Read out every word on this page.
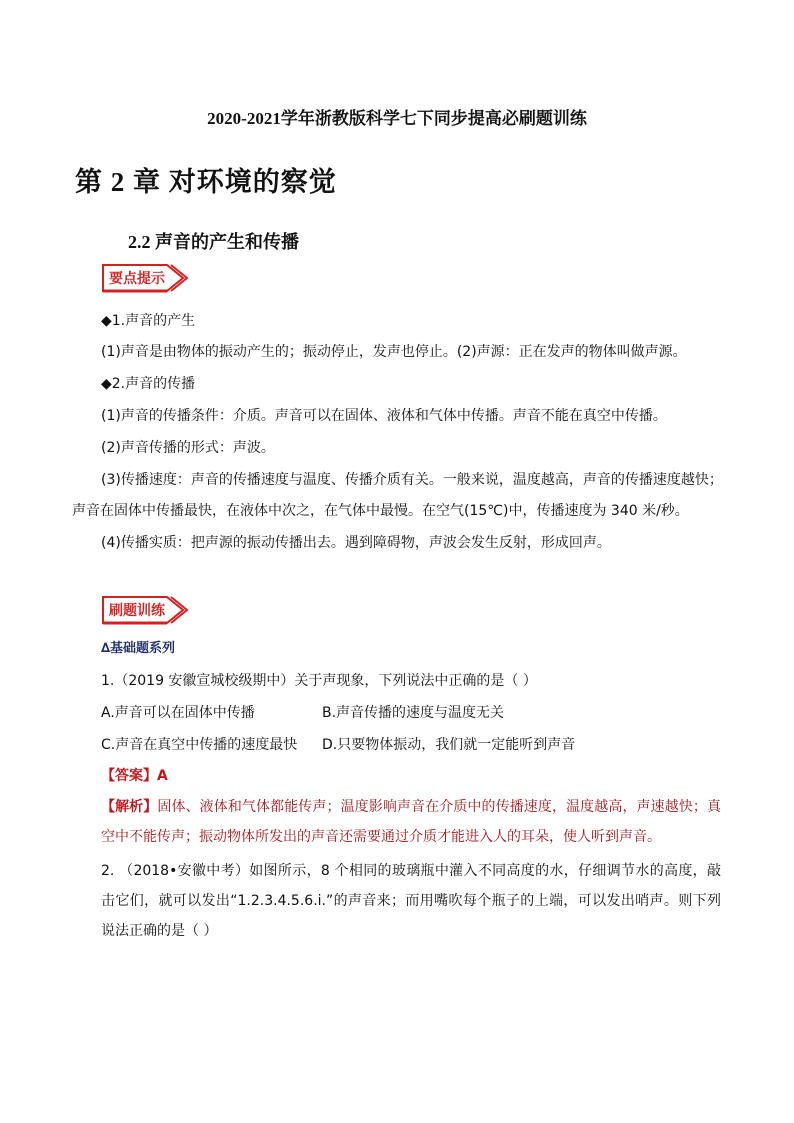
2020-2021学年浙教版科学七下同步提高必刷题训练
第 2 章 对环境的察觉
2.2 声音的产生和传播
要点提示
◆1.声音的产生
(1)声音是由物体的振动产生的；振动停止，发声也停止。(2)声源：正在发声的物体叫做声源。
◆2.声音的传播
(1)声音的传播条件：介质。声音可以在固体、液体和气体中传播。声音不能在真空中传播。
(2)声音传播的形式：声波。
(3)传播速度：声音的传播速度与温度、传播介质有关。一般来说，温度越高，声音的传播速度越快；
声音在固体中传播最快，在液体中次之，在气体中最慢。在空气(15℃)中，传播速度为 340 米/秒。
(4)传播实质：把声源的振动传播出去。遇到障碍物，声波会发生反射，形成回声。
刷题训练
∆基础题系列
1.（2019 安徽宣城校级期中）关于声现象，下列说法中正确的是（ ）
A.声音可以在固体中传播	B.声音传播的速度与温度无关
C.声音在真空中传播的速度最快 D.只要物体振动，我们就一定能听到声音
【答案】A
【解析】固体、液体和气体都能传声；温度影响声音在介质中的传播速度，温度越高，声速越快；真空中不能传声；振动物体所发出的声音还需要通过介质才能进入人的耳朵，使人听到声音。
2. （2018•安徽中考）如图所示，8 个相同的玻璃瓶中灌入不同高度的水，仔细调节水的高度，敲击它们，就可以发出“1.2.3.4.5.6.i.”的声音来；而用嘴吹每个瓶子的上端，可以发出哨声。则下列说法正确的是（ ）
